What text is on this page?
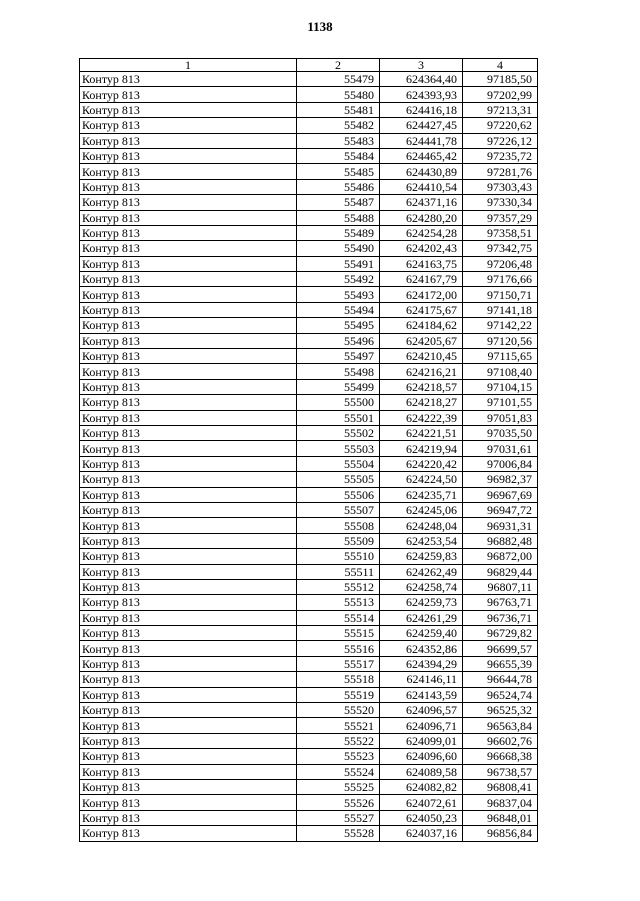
1138
1	2	3	4
Контур 813	55479	624364,40	97185,50
Контур 813	55480	624393,93	97202,99
Контур 813	55481	624416,18	97213,31
Контур 813	55482	624427,45	97220,62
Контур 813	55483	624441,78	97226,12
Контур 813	55484	624465,42	97235,72
Контур 813	55485	624430,89	97281,76
Контур 813	55486	624410,54	97303,43
Контур 813	55487	624371,16	97330,34
Контур 813	55488	624280,20	97357,29
Контур 813	55489	624254,28	97358,51
Контур 813	55490	624202,43	97342,75
Контур 813	55491	624163,75	97206,48
Контур 813	55492	624167,79	97176,66
Контур 813	55493	624172,00	97150,71
Контур 813	55494	624175,67	97141,18
Контур 813	55495	624184,62	97142,22
Контур 813	55496	624205,67	97120,56
Контур 813	55497	624210,45	97115,65
Контур 813	55498	624216,21	97108,40
Контур 813	55499	624218,57	97104,15
Контур 813	55500	624218,27	97101,55
Контур 813	55501	624222,39	97051,83
Контур 813	55502	624221,51	97035,50
Контур 813	55503	624219,94	97031,61
Контур 813	55504	624220,42	97006,84
Контур 813	55505	624224,50	96982,37
Контур 813	55506	624235,71	96967,69
Контур 813	55507	624245,06	96947,72
Контур 813	55508	624248,04	96931,31
Контур 813	55509	624253,54	96882,48
Контур 813	55510	624259,83	96872,00
Контур 813	55511	624262,49	96829,44
Контур 813	55512	624258,74	96807,11
Контур 813	55513	624259,73	96763,71
Контур 813	55514	624261,29	96736,71
Контур 813	55515	624259,40	96729,82
Контур 813	55516	624352,86	96699,57
Контур 813	55517	624394,29	96655,39
Контур 813	55518	624146,11	96644,78
Контур 813	55519	624143,59	96524,74
Контур 813	55520	624096,57	96525,32
Контур 813	55521	624096,71	96563,84
Контур 813	55522	624099,01	96602,76
Контур 813	55523	624096,60	96668,38
Контур 813	55524	624089,58	96738,57
Контур 813	55525	624082,82	96808,41
Контур 813	55526	624072,61	96837,04
Контур 813	55527	624050,23	96848,01
Контур 813	55528	624037,16	96856,84
